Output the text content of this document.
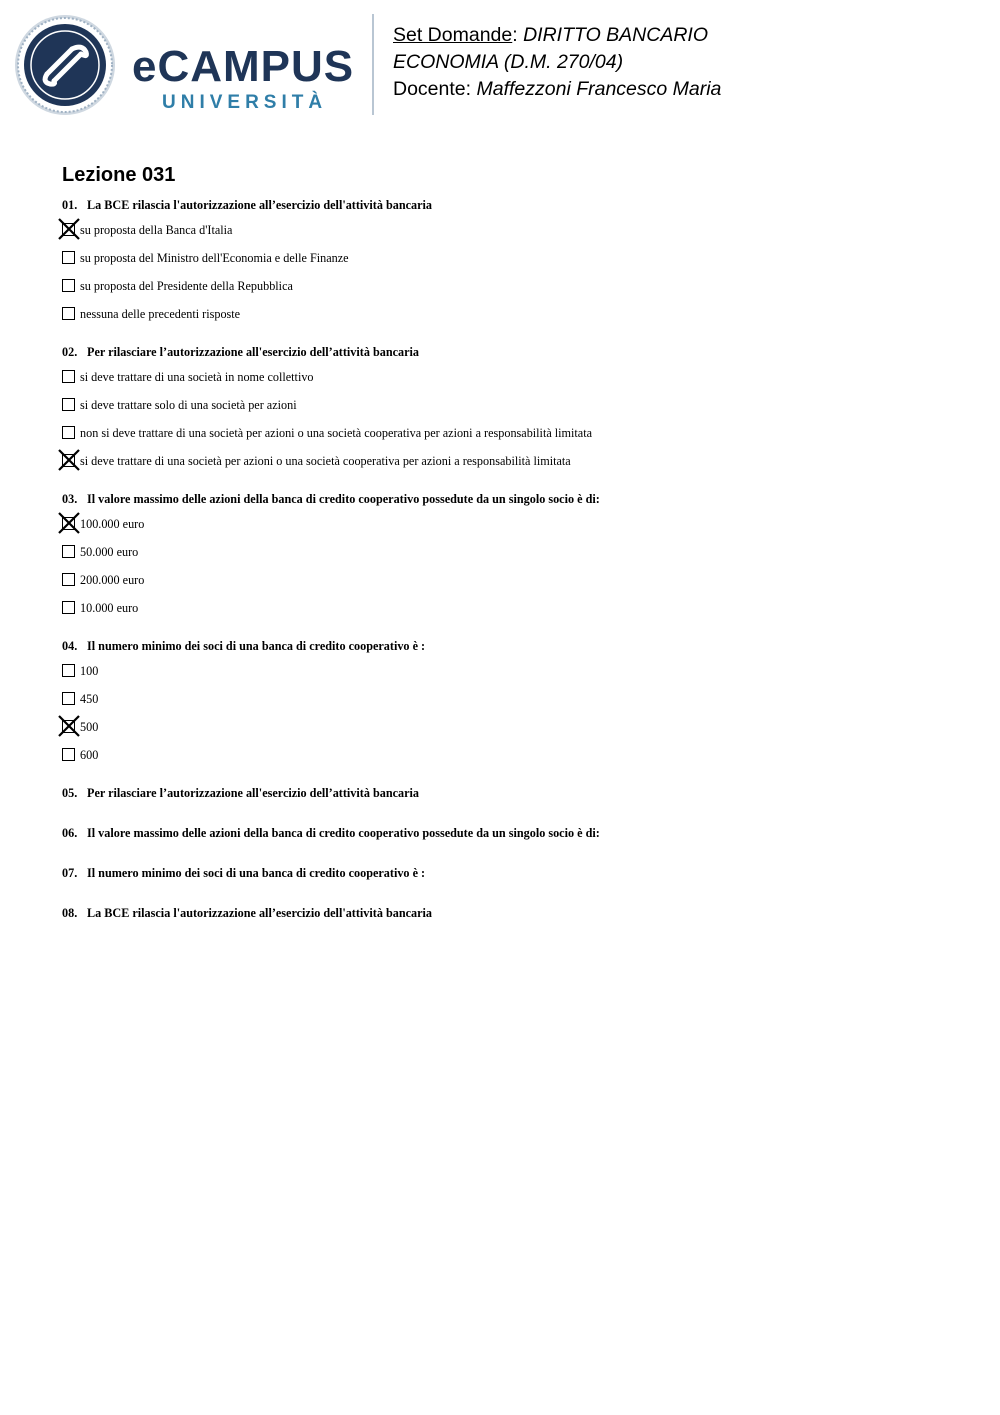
eCAMPUS
UNIVERSITÀ
Set Domande: DIRITTO BANCARIO
ECONOMIA (D.M. 270/04)
Docente: Maffezzoni Francesco Maria
Lezione 031
01. La BCE rilascia l'autorizzazione all’esercizio dell'attività bancaria
su proposta della Banca d'Italia
su proposta del Ministro dell'Economia e delle Finanze
su proposta del Presidente della Repubblica
nessuna delle precedenti risposte
02. Per rilasciare l’autorizzazione all'esercizio dell’attività bancaria
si deve trattare di una società in nome collettivo
si deve trattare solo di una società per azioni
non si deve trattare di una società per azioni o una società cooperativa per azioni a responsabilità limitata
si deve trattare di una società per azioni o una società cooperativa per azioni a responsabilità limitata
03. Il valore massimo delle azioni della banca di credito cooperativo possedute da un singolo socio è di:
100.000 euro
50.000 euro
200.000 euro
10.000 euro
04. Il numero minimo dei soci di una banca di credito cooperativo è :
100
450
500
600
05. Per rilasciare l’autorizzazione all'esercizio dell’attività bancaria
06. Il valore massimo delle azioni della banca di credito cooperativo possedute da un singolo socio è di:
07. Il numero minimo dei soci di una banca di credito cooperativo è :
08. La BCE rilascia l'autorizzazione all’esercizio dell'attività bancaria
